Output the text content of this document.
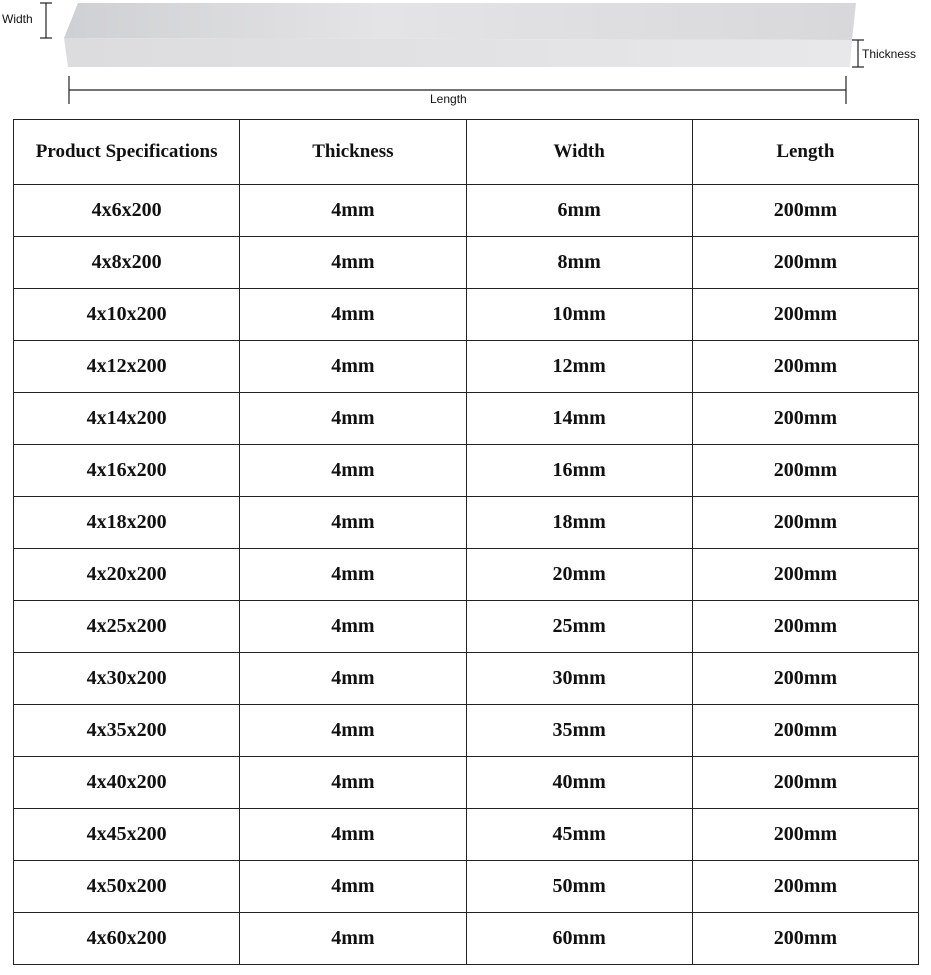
Width
Thickness
Length
Product Specifications	Thickness	Width	Length
4x6x200	4mm	6mm	200mm
4x8x200	4mm	8mm	200mm
4x10x200	4mm	10mm	200mm
4x12x200	4mm	12mm	200mm
4x14x200	4mm	14mm	200mm
4x16x200	4mm	16mm	200mm
4x18x200	4mm	18mm	200mm
4x20x200	4mm	20mm	200mm
4x25x200	4mm	25mm	200mm
4x30x200	4mm	30mm	200mm
4x35x200	4mm	35mm	200mm
4x40x200	4mm	40mm	200mm
4x45x200	4mm	45mm	200mm
4x50x200	4mm	50mm	200mm
4x60x200	4mm	60mm	200mm
